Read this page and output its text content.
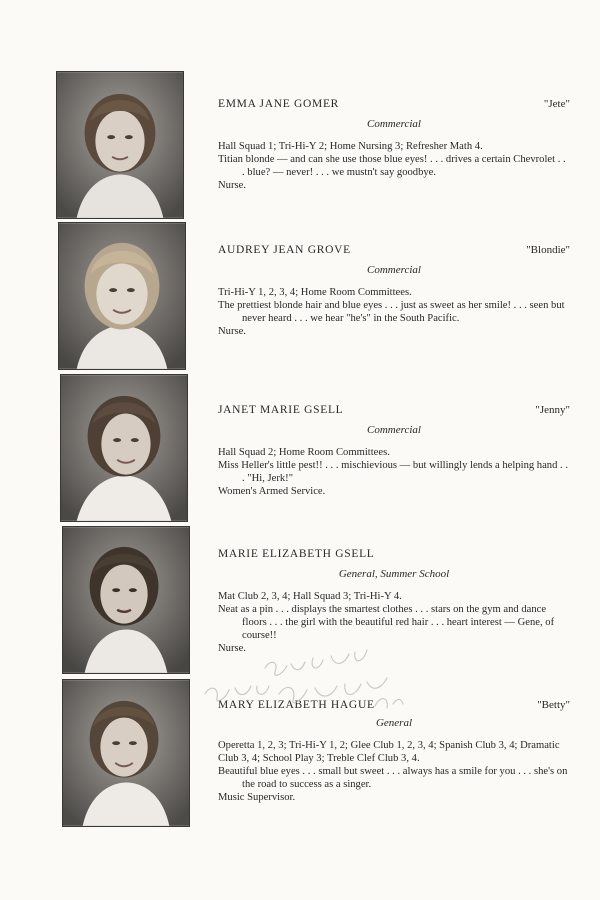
EMMA JANE GOMER	"Jete"
Commercial
Hall Squad 1; Tri-Hi-Y 2; Home Nursing 3; Refresher Math 4.
Titian blonde — and can she use those blue eyes! . . . drives a certain Chevrolet . . . blue? — never! . . . we mustn't say goodbye.
Nurse.
AUDREY JEAN GROVE	"Blondie"
Commercial
Tri-Hi-Y 1, 2, 3, 4; Home Room Committees.
The prettiest blonde hair and blue eyes . . . just as sweet as her smile! . . . seen but never heard . . . we hear "he's" in the South Pacific.
Nurse.
JANET MARIE GSELL	"Jenny"
Commercial
Hall Squad 2; Home Room Committees.
Miss Heller's little pest!! . . . mischievious — but willingly lends a helping hand . . . "Hi, Jerk!"
Women's Armed Service.
MARIE ELIZABETH GSELL
General, Summer School
Mat Club 2, 3, 4; Hall Squad 3; Tri-Hi-Y 4.
Neat as a pin . . . displays the smartest clothes . . . stars on the gym and dance floors . . . the girl with the beautiful red hair . . . heart interest — Gene, of course!!
Nurse.
MARY ELIZABETH HAGUE	"Betty"
General
Operetta 1, 2, 3; Tri-Hi-Y 1, 2; Glee Club 1, 2, 3, 4; Spanish Club 3, 4; Dramatic Club 3, 4; School Play 3; Treble Clef Club 3, 4.
Beautiful blue eyes . . . small but sweet . . . always has a smile for you . . . she's on the road to success as a singer.
Music Supervisor.
